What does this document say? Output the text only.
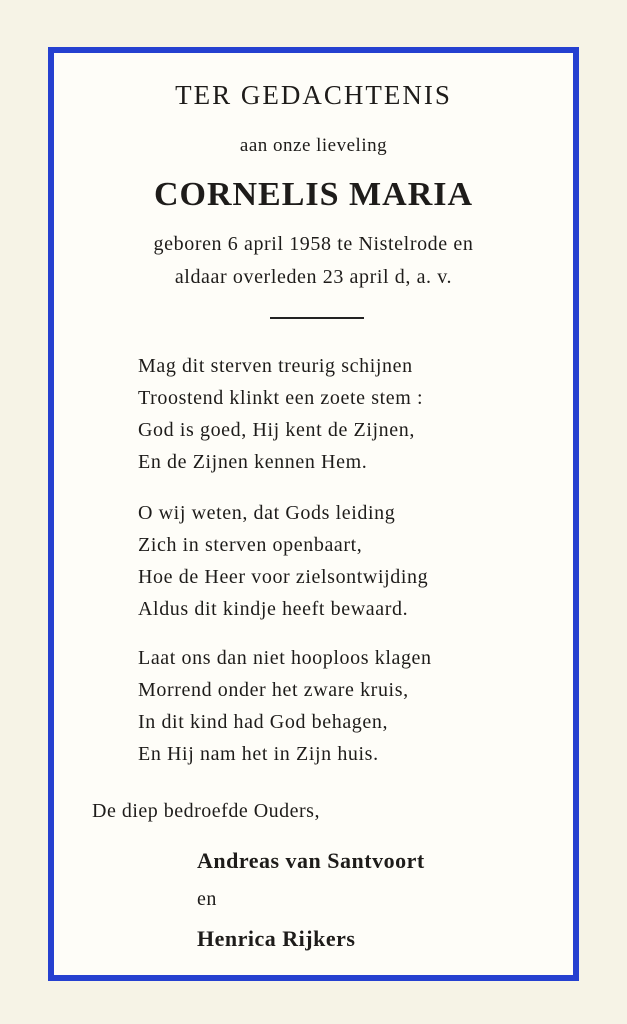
TER GEDACHTENIS
aan onze lieveling
CORNELIS MARIA
geboren 6 april 1958 te Nistelrode en
aldaar overleden 23 april d, a. v.
Mag dit sterven treurig schijnen
Troostend klinkt een zoete stem :
God is goed, Hij kent de Zijnen,
En de Zijnen kennen Hem.
O wij weten, dat Gods leiding
Zich in sterven openbaart,
Hoe de Heer voor zielsontwijding
Aldus dit kindje heeft bewaard.
Laat ons dan niet hooploos klagen
Morrend onder het zware kruis,
In dit kind had God behagen,
En Hij nam het in Zijn huis.
De diep bedroefde Ouders,
Andreas van Santvoort
en
Henrica Rijkers
